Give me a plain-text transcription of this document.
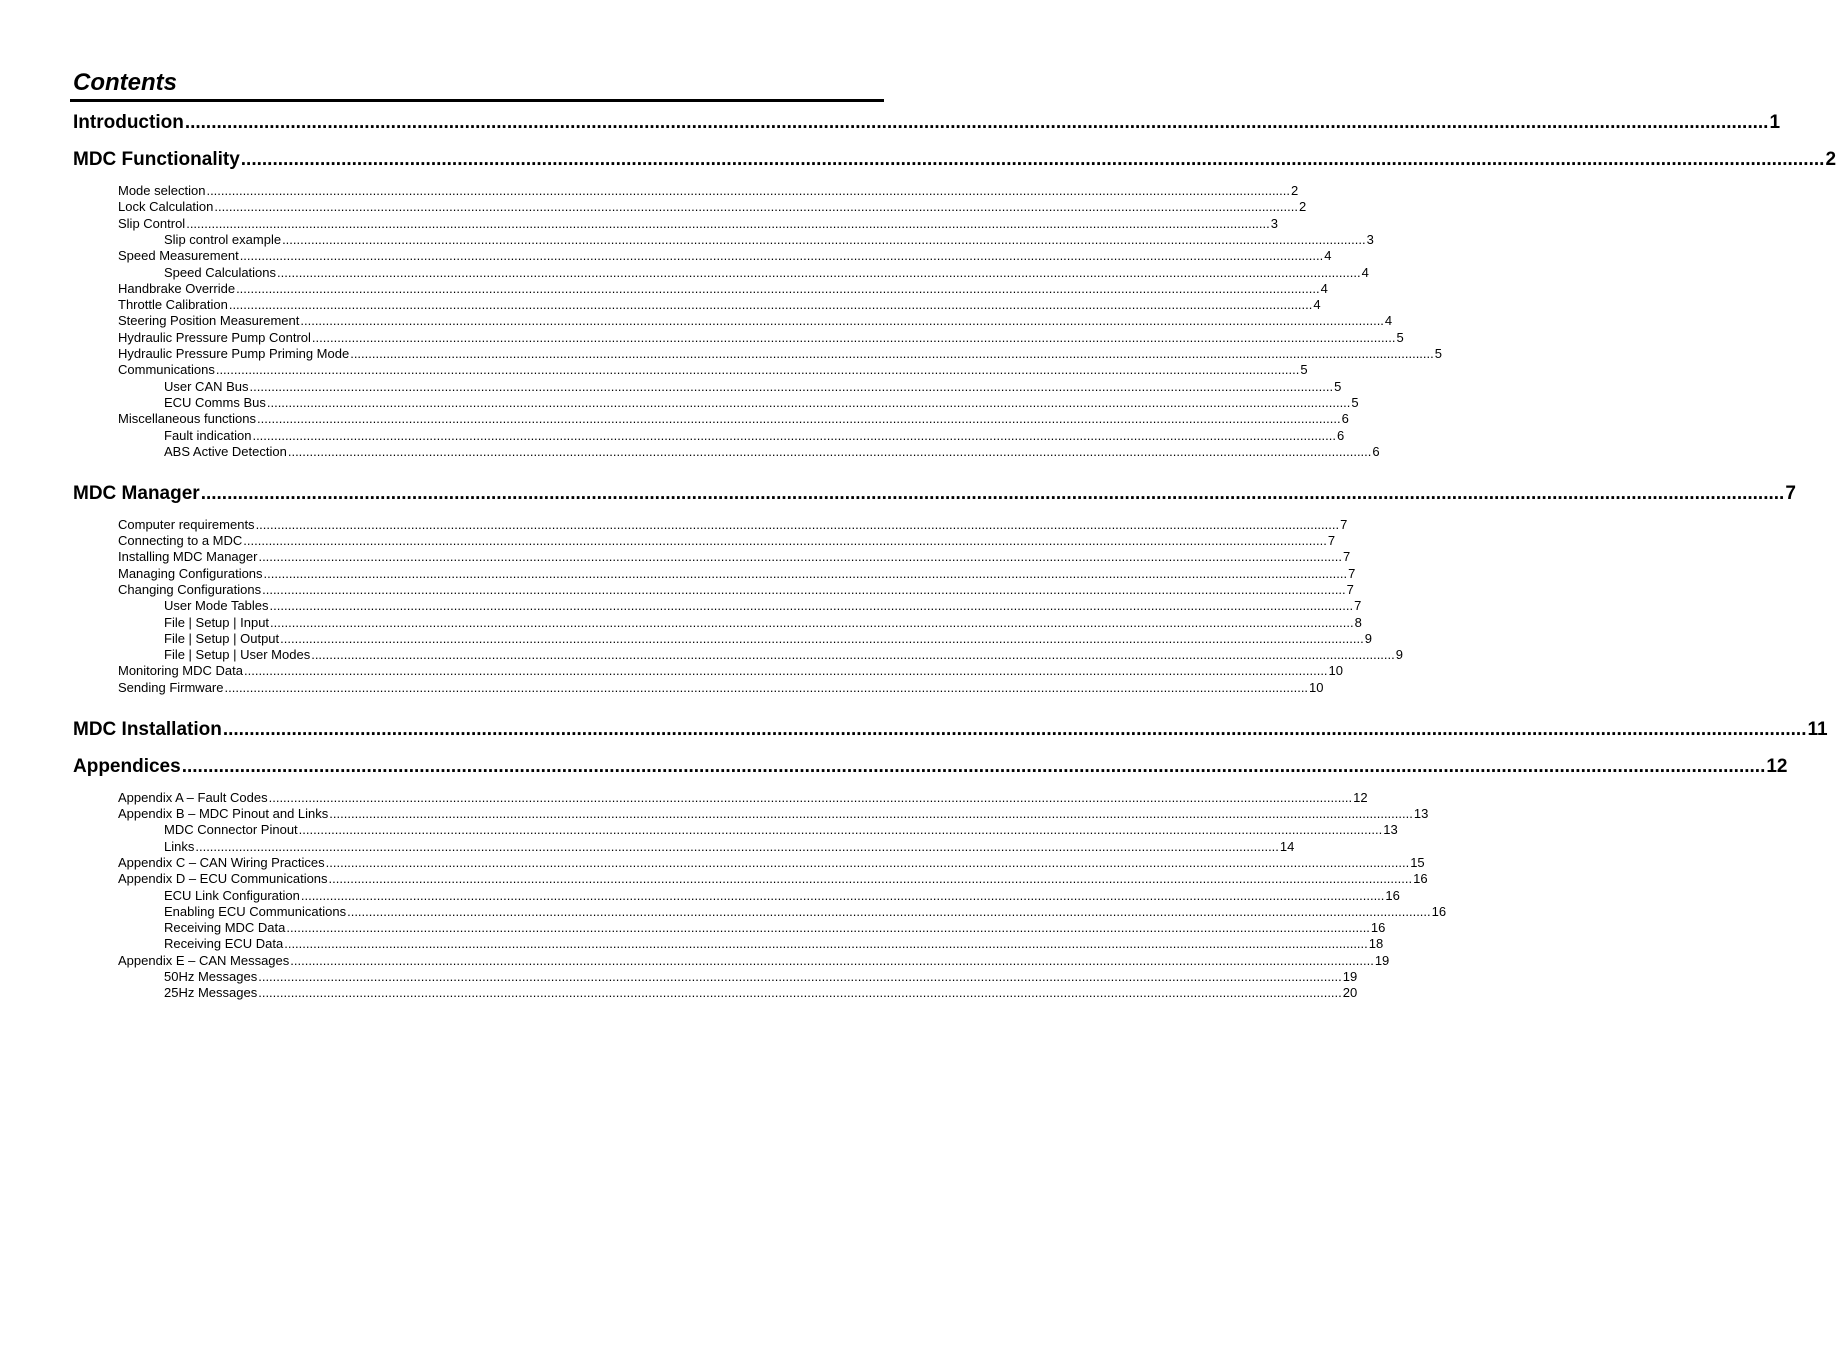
Contents
Introduction ............................................................................................................................................................................................................................................................................................................ 1
MDC Functionality ............................................................................................................................................................................................................................................................................................................ 2
Mode selection ............................................................................................................................................................................................................................................................................................................ 2
Lock Calculation ............................................................................................................................................................................................................................................................................................................ 2
Slip Control ............................................................................................................................................................................................................................................................................................................ 3
Slip control example ............................................................................................................................................................................................................................................................................................................ 3
Speed Measurement ............................................................................................................................................................................................................................................................................................................ 4
Speed Calculations ............................................................................................................................................................................................................................................................................................................ 4
Handbrake Override ............................................................................................................................................................................................................................................................................................................ 4
Throttle Calibration ............................................................................................................................................................................................................................................................................................................ 4
Steering Position Measurement ............................................................................................................................................................................................................................................................................................................ 4
Hydraulic Pressure Pump Control ............................................................................................................................................................................................................................................................................................................ 5
Hydraulic Pressure Pump Priming Mode ............................................................................................................................................................................................................................................................................................................ 5
Communications ............................................................................................................................................................................................................................................................................................................ 5
User CAN Bus ............................................................................................................................................................................................................................................................................................................ 5
ECU Comms Bus ............................................................................................................................................................................................................................................................................................................ 5
Miscellaneous functions ............................................................................................................................................................................................................................................................................................................ 6
Fault indication ............................................................................................................................................................................................................................................................................................................ 6
ABS Active Detection ............................................................................................................................................................................................................................................................................................................ 6
MDC Manager ............................................................................................................................................................................................................................................................................................................ 7
Computer requirements ............................................................................................................................................................................................................................................................................................................ 7
Connecting to a MDC ............................................................................................................................................................................................................................................................................................................ 7
Installing MDC Manager ............................................................................................................................................................................................................................................................................................................ 7
Managing Configurations ............................................................................................................................................................................................................................................................................................................ 7
Changing Configurations ............................................................................................................................................................................................................................................................................................................ 7
User Mode Tables ............................................................................................................................................................................................................................................................................................................ 7
File | Setup | Input ............................................................................................................................................................................................................................................................................................................ 8
File | Setup | Output ............................................................................................................................................................................................................................................................................................................ 9
File | Setup | User Modes ............................................................................................................................................................................................................................................................................................................ 9
Monitoring MDC Data ............................................................................................................................................................................................................................................................................................................ 10
Sending Firmware ............................................................................................................................................................................................................................................................................................................ 10
MDC Installation ............................................................................................................................................................................................................................................................................................................ 11
Appendices ............................................................................................................................................................................................................................................................................................................ 12
Appendix A – Fault Codes ............................................................................................................................................................................................................................................................................................................ 12
Appendix B – MDC Pinout and Links ............................................................................................................................................................................................................................................................................................................ 13
MDC Connector Pinout ............................................................................................................................................................................................................................................................................................................ 13
Links ............................................................................................................................................................................................................................................................................................................ 14
Appendix C – CAN Wiring Practices ............................................................................................................................................................................................................................................................................................................ 15
Appendix D – ECU Communications ............................................................................................................................................................................................................................................................................................................ 16
ECU Link Configuration ............................................................................................................................................................................................................................................................................................................ 16
Enabling ECU Communications ............................................................................................................................................................................................................................................................................................................ 16
Receiving MDC Data ............................................................................................................................................................................................................................................................................................................ 16
Receiving ECU Data ............................................................................................................................................................................................................................................................................................................ 18
Appendix E – CAN Messages ............................................................................................................................................................................................................................................................................................................ 19
50Hz Messages ............................................................................................................................................................................................................................................................................................................ 19
25Hz Messages ............................................................................................................................................................................................................................................................................................................ 20
